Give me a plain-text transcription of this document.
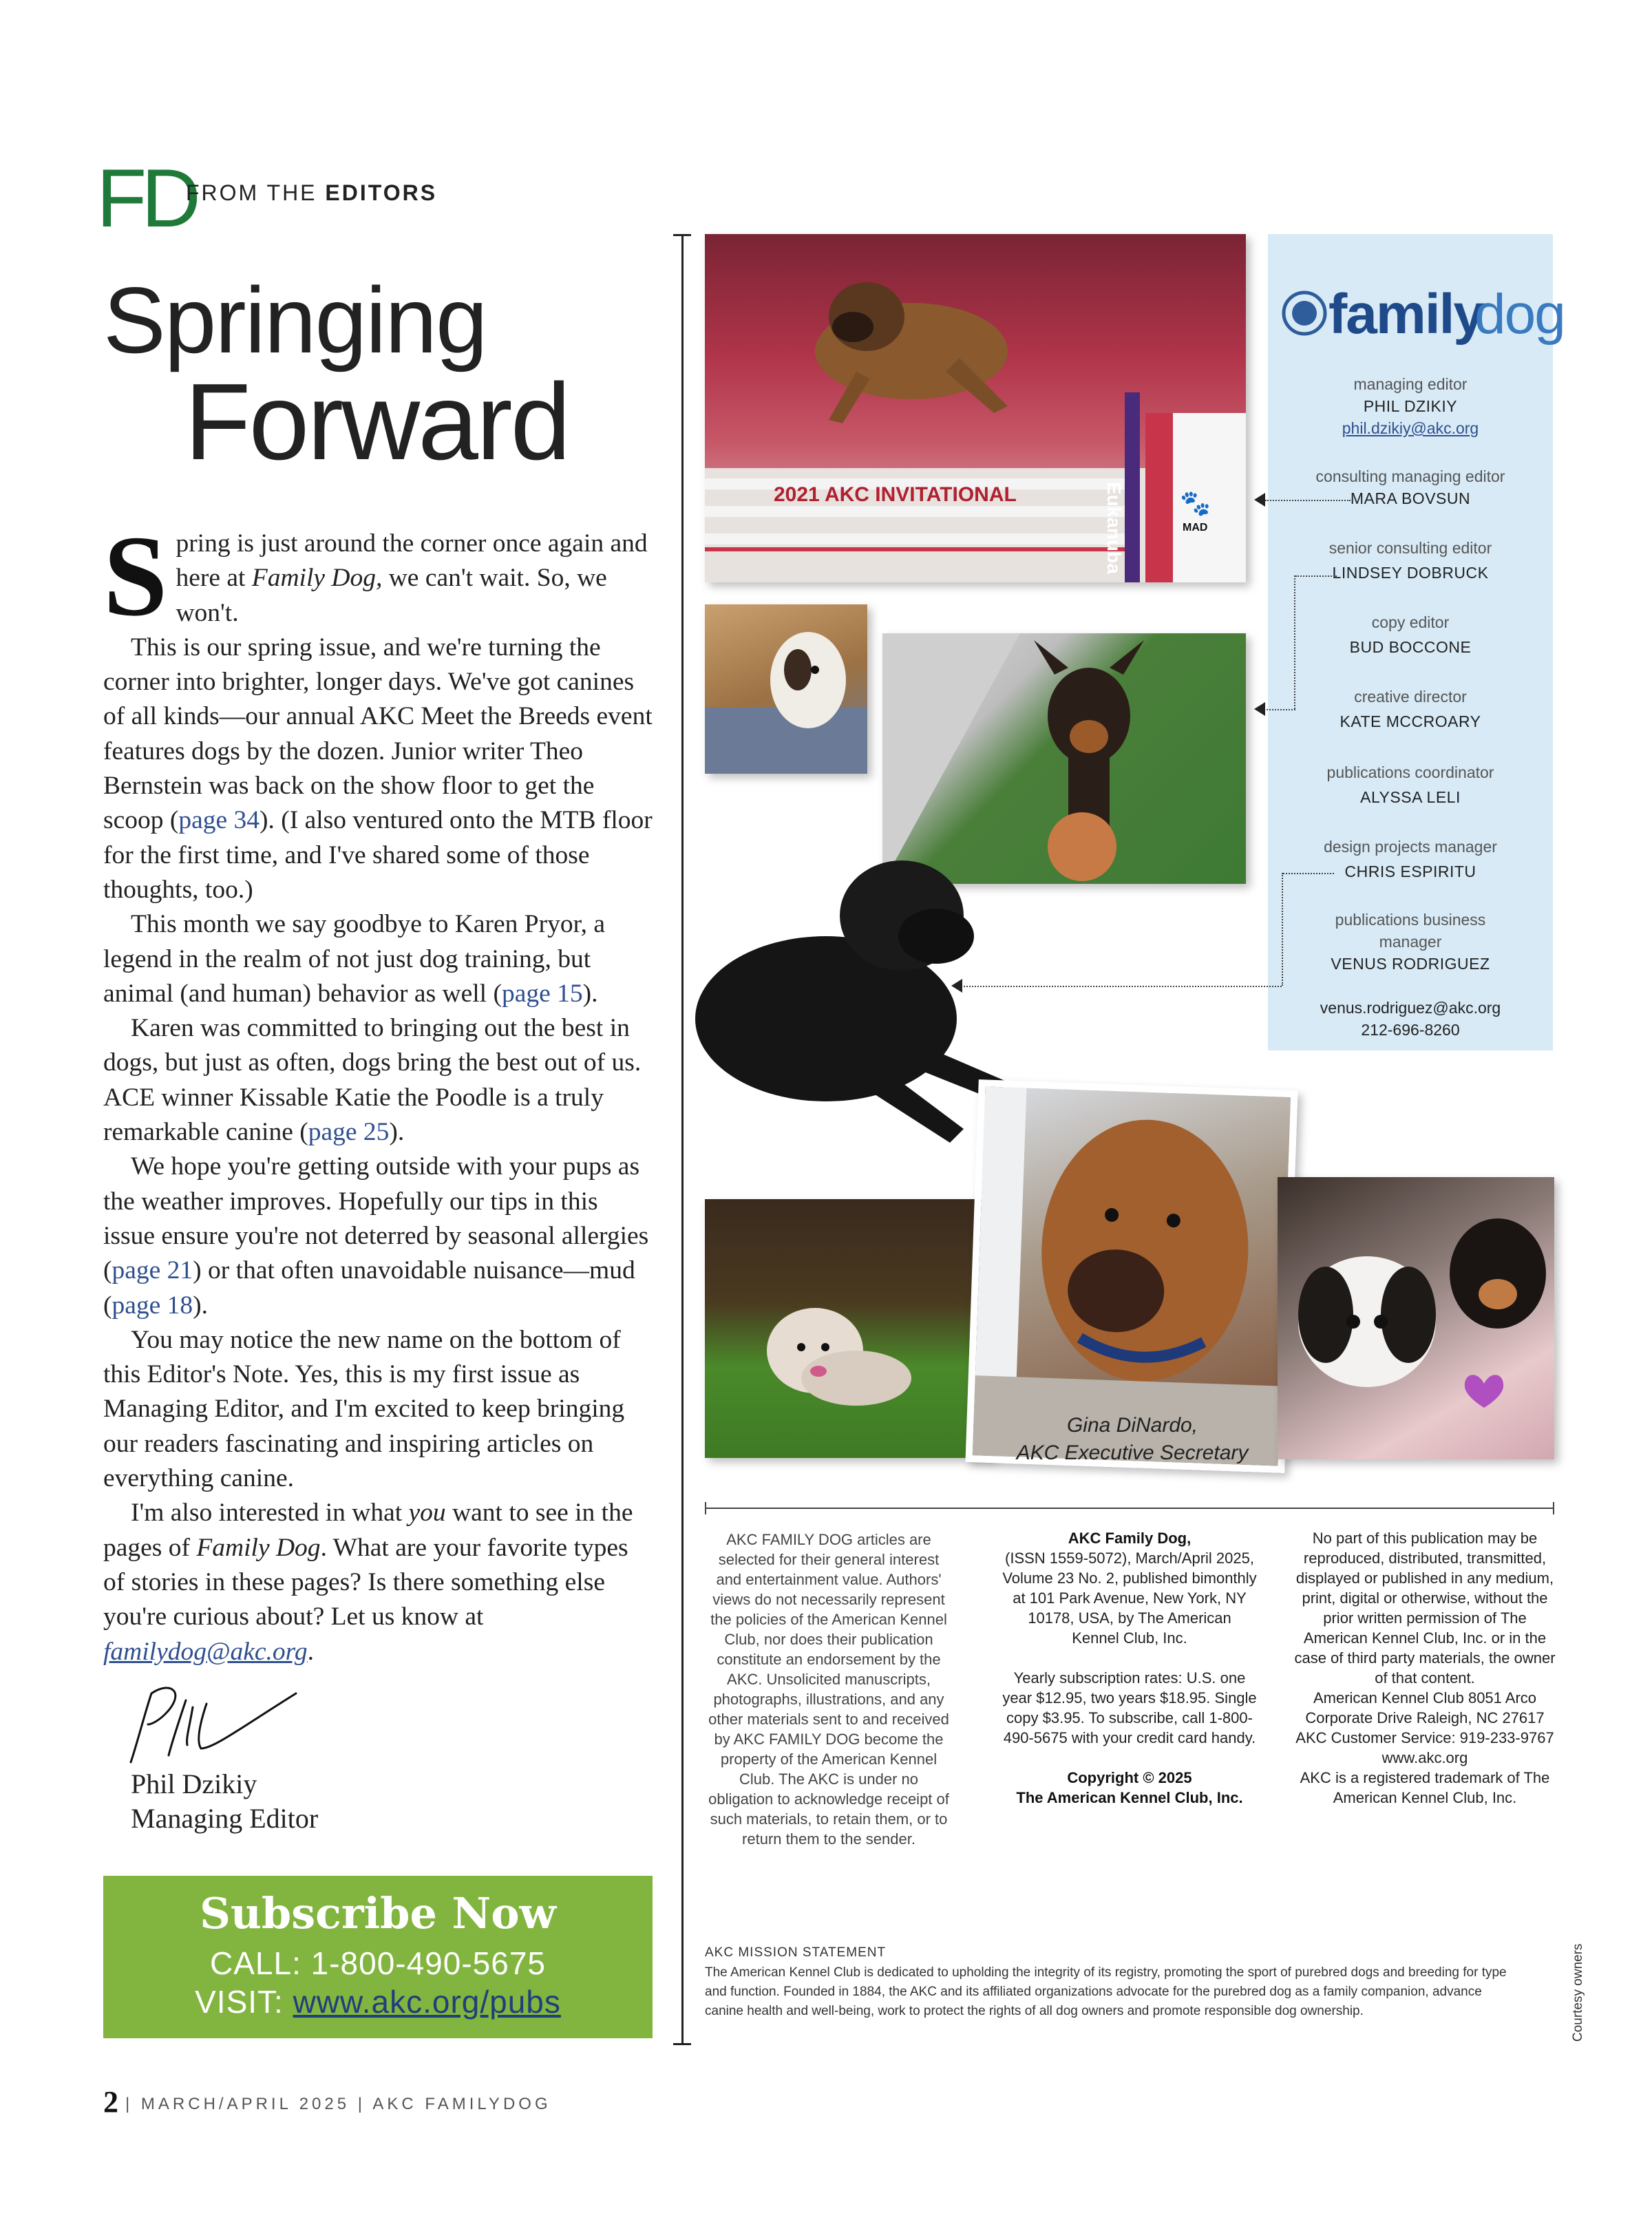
FD
FROM THE EDITORS
Springing
Forward

Spring is just around the corner once again and here at Family Dog, we can't wait. So, we won't.

This is our spring issue, and we're turning the corner into brighter, longer days. We've got canines of all kinds—our annual AKC Meet the Breeds event features dogs by the dozen. Junior writer Theo Bernstein was back on the show floor to get the scoop (page 34). (I also ventured onto the MTB floor for the first time, and I've shared some of those thoughts, too.)

This month we say goodbye to Karen Pryor, a legend in the realm of not just dog training, but animal (and human) behavior as well (page 15).

Karen was committed to bringing out the best in dogs, but just as often, dogs bring the best out of us. ACE winner Kissable Katie the Poodle is a truly remarkable canine (page 25).

We hope you're getting outside with your pups as the weather improves. Hopefully our tips in this issue ensure you're not deterred by seasonal allergies (page 21) or that often unavoidable nuisance—mud (page 18).

You may notice the new name on the bottom of this Editor's Note. Yes, this is my first issue as Managing Editor, and I'm excited to keep bringing our readers fascinating and inspiring articles on everything canine.

I'm also interested in what you want to see in the pages of Family Dog. What are your favorite types of stories in these pages? Is there something else you're curious about? Let us know at familydog@akc.org.

Phil Dzikiy
Managing Editor
Subscribe Now
CALL: 1-800-490-5675
VISIT: www.akc.org/pubs
2 | MARCH/APRIL 2025 | AKC FAMILYDOG
2021 AKC INVITATIONAL	Eukanuba 🐾
MAD
Gina DiNardo,
AKC Executive Secretary
family
dog
managing editor
PHIL DZIKIY
phil.dzikiy@akc.org
consulting managing editor
MARA BOVSUN
senior consulting editor
LINDSEY DOBRUCK
copy editor
BUD BOCCONE
creative director
KATE MCCROARY
publications coordinator
ALYSSA LELI
design projects manager
CHRIS ESPIRITU
publications business manager
VENUS RODRIGUEZ
venus.rodriguez@akc.org
212-696-8260
AKC FAMILY DOG articles are selected for their general interest and entertainment value. Authors' views do not necessarily represent the policies of the American Kennel Club, nor does their publication constitute an endorsement by the AKC. Unsolicited manuscripts, photographs, illustrations, and any other materials sent to and received by AKC FAMILY DOG become the property of the American Kennel Club. The AKC is under no obligation to acknowledge receipt of such materials, to retain them, or to return them to the sender.
AKC Family Dog,
(ISSN 1559-5072), March/April 2025, Volume 23 No. 2, published bimonthly at 101 Park Avenue, New York, NY 10178, USA, by The American Kennel Club, Inc.

Yearly subscription rates: U.S. one year $12.95, two years $18.95. Single copy $3.95. To subscribe, call 1-800-490-5675 with your credit card handy.

Copyright © 2025
The American Kennel Club, Inc.
No part of this publication may be reproduced, distributed, transmitted, displayed or published in any medium, print, digital or otherwise, without the prior written permission of The American Kennel Club, Inc. or in the case of third party materials, the owner of that content.
American Kennel Club 8051 Arco Corporate Drive Raleigh, NC 27617
AKC Customer Service: 919-233-9767
www.akc.org
AKC is a registered trademark of The American Kennel Club, Inc.
AKC MISSION STATEMENT
The American Kennel Club is dedicated to upholding the integrity of its registry, promoting the sport of purebred dogs and breeding for type and function. Founded in 1884, the AKC and its affiliated organizations advocate for the purebred dog as a family companion, advance canine health and well-being, work to protect the rights of all dog owners and promote responsible dog ownership.	Courtesy owners
